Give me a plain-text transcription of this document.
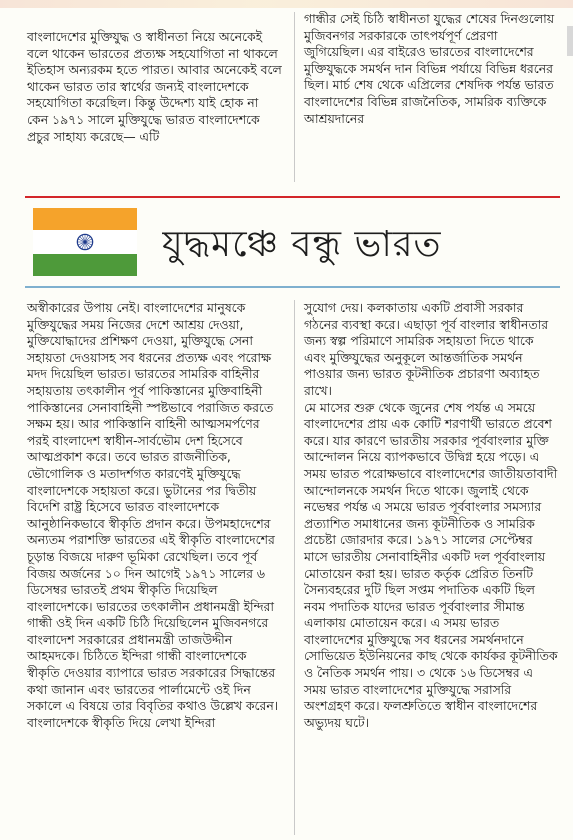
বাংলাদেশের মুক্তিযুদ্ধ ও স্বাধীনতা নিয়ে অনেকেই বলে থাকেন ভারতের প্রত্যক্ষ সহযোগিতা না থাকলে ইতিহাস অন্যরকম হতে পারত। আবার অনেকেই বলে থাকেন ভারত তার স্বার্থের জন্যই বাংলাদেশকে সহযোগিতা করেছিল। কিন্তু উদ্দেশ্য যাই হোক না কেন ১৯৭১ সালে মুক্তিযুদ্ধে ভারত বাংলাদেশকে প্রচুর সাহায্য করেছে— এটি

গান্ধীর সেই চিঠি স্বাধীনতা যুদ্ধের শেষের দিনগুলোয় মুজিবনগর সরকারকে তাৎপর্যপূর্ণ প্রেরণা জুগিয়েছিল। এর বাইরেও ভারতের বাংলাদেশের মুক্তিযুদ্ধকে সমর্থন দান বিভিন্ন পর্যায়ে বিভিন্ন ধরনের ছিল। মার্চ শেষ থেকে এপ্রিলের শেষদিক পর্যন্ত ভারত বাংলাদেশের বিভিন্ন রাজনৈতিক, সামরিক ব্যক্তিকে আশ্রয়দানের

যুদ্ধমঞ্চে বন্ধু ভারত

অস্বীকারের উপায় নেই। বাংলাদেশের মানুষকে মুক্তিযুদ্ধের সময় নিজের দেশে আশ্রয় দেওয়া, মুক্তিযোদ্ধাদের প্রশিক্ষণ দেওয়া, মুক্তিযুদ্ধে সেনা সহায়তা দেওয়াসহ সব ধরনের প্রত্যক্ষ এবং পরোক্ষ মদদ দিয়েছিল ভারত। ভারতের সামরিক বাহিনীর সহায়তায় তৎকালীন পূর্ব পাকিস্তানের মুক্তিবাহিনী পাকিস্তানের সেনাবাহিনী স্পষ্টভাবে পরাজিত করতে সক্ষম হয়। আর পাকিস্তানি বাহিনী আত্মসমর্পণের পরই বাংলাদেশ স্বাধীন-সার্বভৌম দেশ হিসেবে আত্মপ্রকাশ করে। তবে ভারত রাজনীতিক, ভৌগোলিক ও মতাদর্শগত কারণেই মুক্তিযুদ্ধে বাংলাদেশকে সহায়তা করে। ভুটানের পর দ্বিতীয় বিদেশি রাষ্ট্র হিসেবে ভারত বাংলাদেশকে আনুষ্ঠানিকভাবে স্বীকৃতি প্রদান করে। উপমহাদেশের অন্যতম পরাশক্তি ভারতের এই স্বীকৃতি বাংলাদেশের চূড়ান্ত বিজয়ে দারুণ ভূমিকা রেখেছিল। তবে পূর্ব বিজয় অর্জনের ১০ দিন আগেই ১৯৭১ সালের ৬ ডিসেম্বর ভারতই প্রথম স্বীকৃতি দিয়েছিল বাংলাদেশকে। ভারতের তৎকালীন প্রধানমন্ত্রী ইন্দিরা গান্ধী ওই দিন একটি চিঠি দিয়েছিলেন মুজিবনগরে বাংলাদেশ সরকারের প্রধানমন্ত্রী তাজউদ্দীন আহমদকে। চিঠিতে ইন্দিরা গান্ধী বাংলাদেশকে স্বীকৃতি দেওয়ার ব্যাপারে ভারত সরকারের সিদ্ধান্তের কথা জানান এবং ভারতের পার্লামেন্টে ওই দিন সকালে এ বিষয়ে তার বিবৃতির কথাও উল্লেখ করেন। বাংলাদেশকে স্বীকৃতি দিয়ে লেখা ইন্দিরা

সুযোগ দেয়। কলকাতায় একটি প্রবাসী সরকার গঠনের ব্যবস্থা করে। এছাড়া পূর্ব বাংলার স্বাধীনতার জন্য স্বল্প পরিমাণে সামরিক সহায়তা দিতে থাকে এবং মুক্তিযুদ্ধের অনুকূলে আন্তর্জাতিক সমর্থন পাওয়ার জন্য ভারত কূটনীতিক প্রচারণা অব্যাহত রাখে।

মে মাসের শুরু থেকে জুনের শেষ পর্যন্ত এ সময়ে বাংলাদেশের প্রায় এক কোটি শরণার্থী ভারতে প্রবেশ করে। যার কারণে ভারতীয় সরকার পূর্ববাংলার মুক্তি আন্দোলন নিয়ে ব্যাপকভাবে উদ্বিগ্ন হয়ে পড়ে। এ সময় ভারত পরোক্ষভাবে বাংলাদেশের জাতীয়তাবাদী আন্দোলনকে সমর্থন দিতে থাকে। জুলাই থেকে নভেম্বর পর্যন্ত এ সময়ে ভারত পূর্ববাংলার সমস্যার প্রত্যাশিত সমাধানের জন্য কূটনীতিক ও সামরিক প্রচেষ্টা জোরদার করে। ১৯৭১ সালের সেপ্টেম্বর মাসে ভারতীয় সেনাবাহিনীর একটি দল পূর্ববাংলায় মোতায়েন করা হয়। ভারত কর্তৃক প্রেরিত তিনটি সৈন্যবহরের দুটি ছিল সপ্তম পদাতিক একটি ছিল নবম পদাতিক যাদের ভারত পূর্ববাংলার সীমান্ত এলাকায় মোতায়েন করে। এ সময় ভারত বাংলাদেশের মুক্তিযুদ্ধে সব ধরনের সমর্থনদানে সোভিয়েত ইউনিয়নের কাছ থেকে কার্যকর কূটনীতিক ও নৈতিক সমর্থন পায়। ৩ থেকে ১৬ ডিসেম্বর এ সময় ভারত বাংলাদেশের মুক্তিযুদ্ধে সরাসরি অংশগ্রহণ করে। ফলশ্রুতিতে স্বাধীন বাংলাদেশের অভ্যুদয় ঘটে।
